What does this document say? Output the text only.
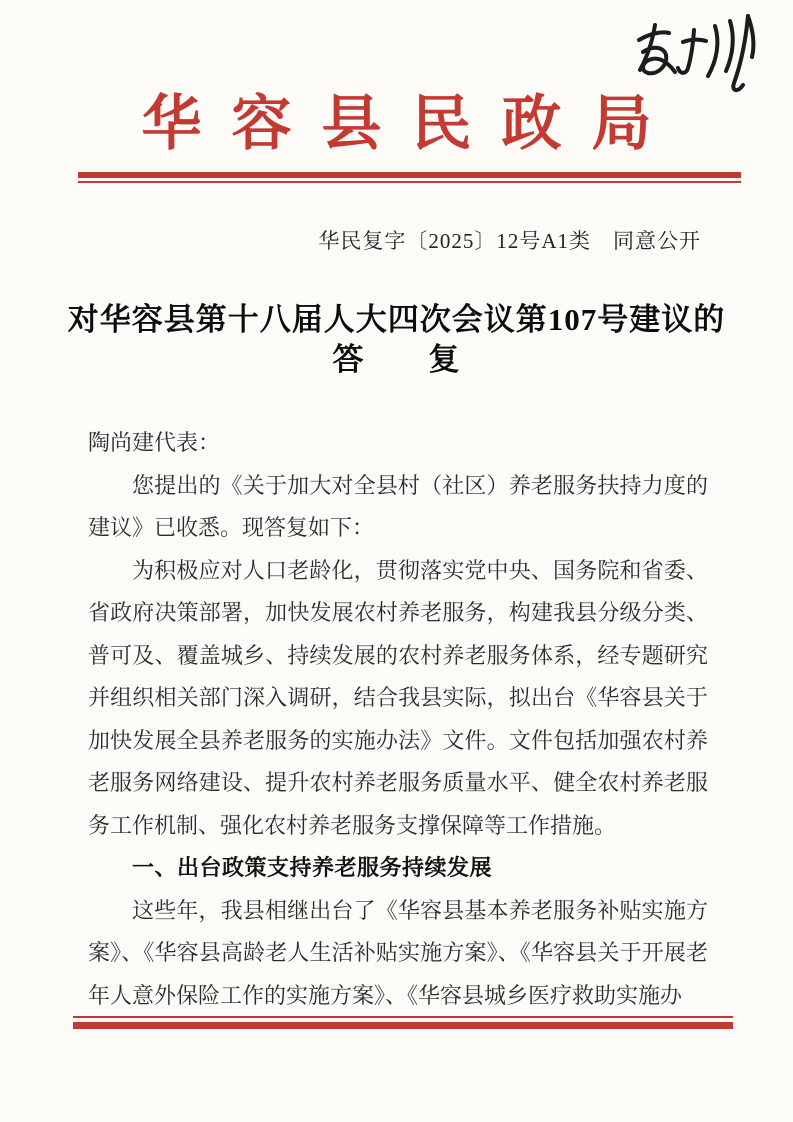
华容县民政局
华民复字〔2025〕12号A1类　同意公开
对华容县第十八届人大四次会议第107号建议的
答　　复

陶尚建代表：

您提出的《关于加大对全县村（社区）养老服务扶持力度的建议》已收悉。现答复如下：

为积极应对人口老龄化，贯彻落实党中央、国务院和省委、省政府决策部署，加快发展农村养老服务，构建我县分级分类、普可及、覆盖城乡、持续发展的农村养老服务体系，经专题研究并组织相关部门深入调研，结合我县实际，拟出台《华容县关于加快发展全县养老服务的实施办法》文件。文件包括加强农村养老服务网络建设、提升农村养老服务质量水平、健全农村养老服务工作机制、强化农村养老服务支撑保障等工作措施。

一、出台政策支持养老服务持续发展

这些年，我县相继出台了《华容县基本养老服务补贴实施方案》、《华容县高龄老人生活补贴实施方案》、《华容县关于开展老年人意外保险工作的实施方案》、《华容县城乡医疗救助实施办
